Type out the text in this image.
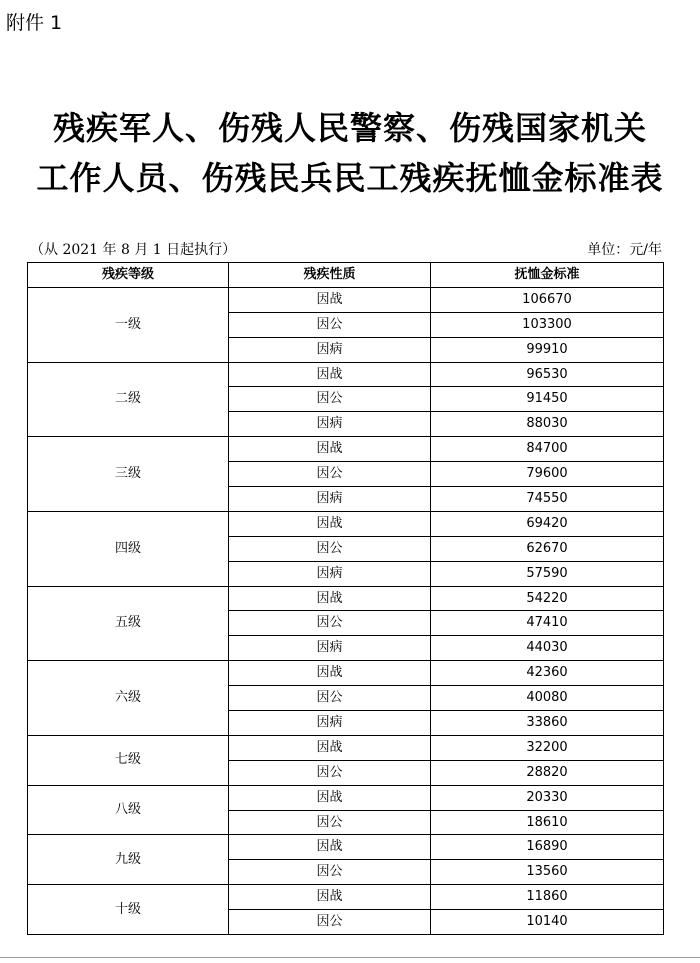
附件 1
残疾军人、伤残人民警察、伤残国家机关
工作人员、伤残民兵民工残疾抚恤金标准表
（从 2021 年 8 月 1 日起执行）	单位：元/年
残疾等级	残疾性质	抚恤金标准
一级	因战	106670
	因公	103300
	因病	99910
二级	因战	96530
	因公	91450
	因病	88030
三级	因战	84700
	因公	79600
	因病	74550
四级	因战	69420
	因公	62670
	因病	57590
五级	因战	54220
	因公	47410
	因病	44030
六级	因战	42360
	因公	40080
	因病	33860
七级	因战	32200
	因公	28820
八级	因战	20330
	因公	18610
九级	因战	16890
	因公	13560
十级	因战	11860
	因公	10140
